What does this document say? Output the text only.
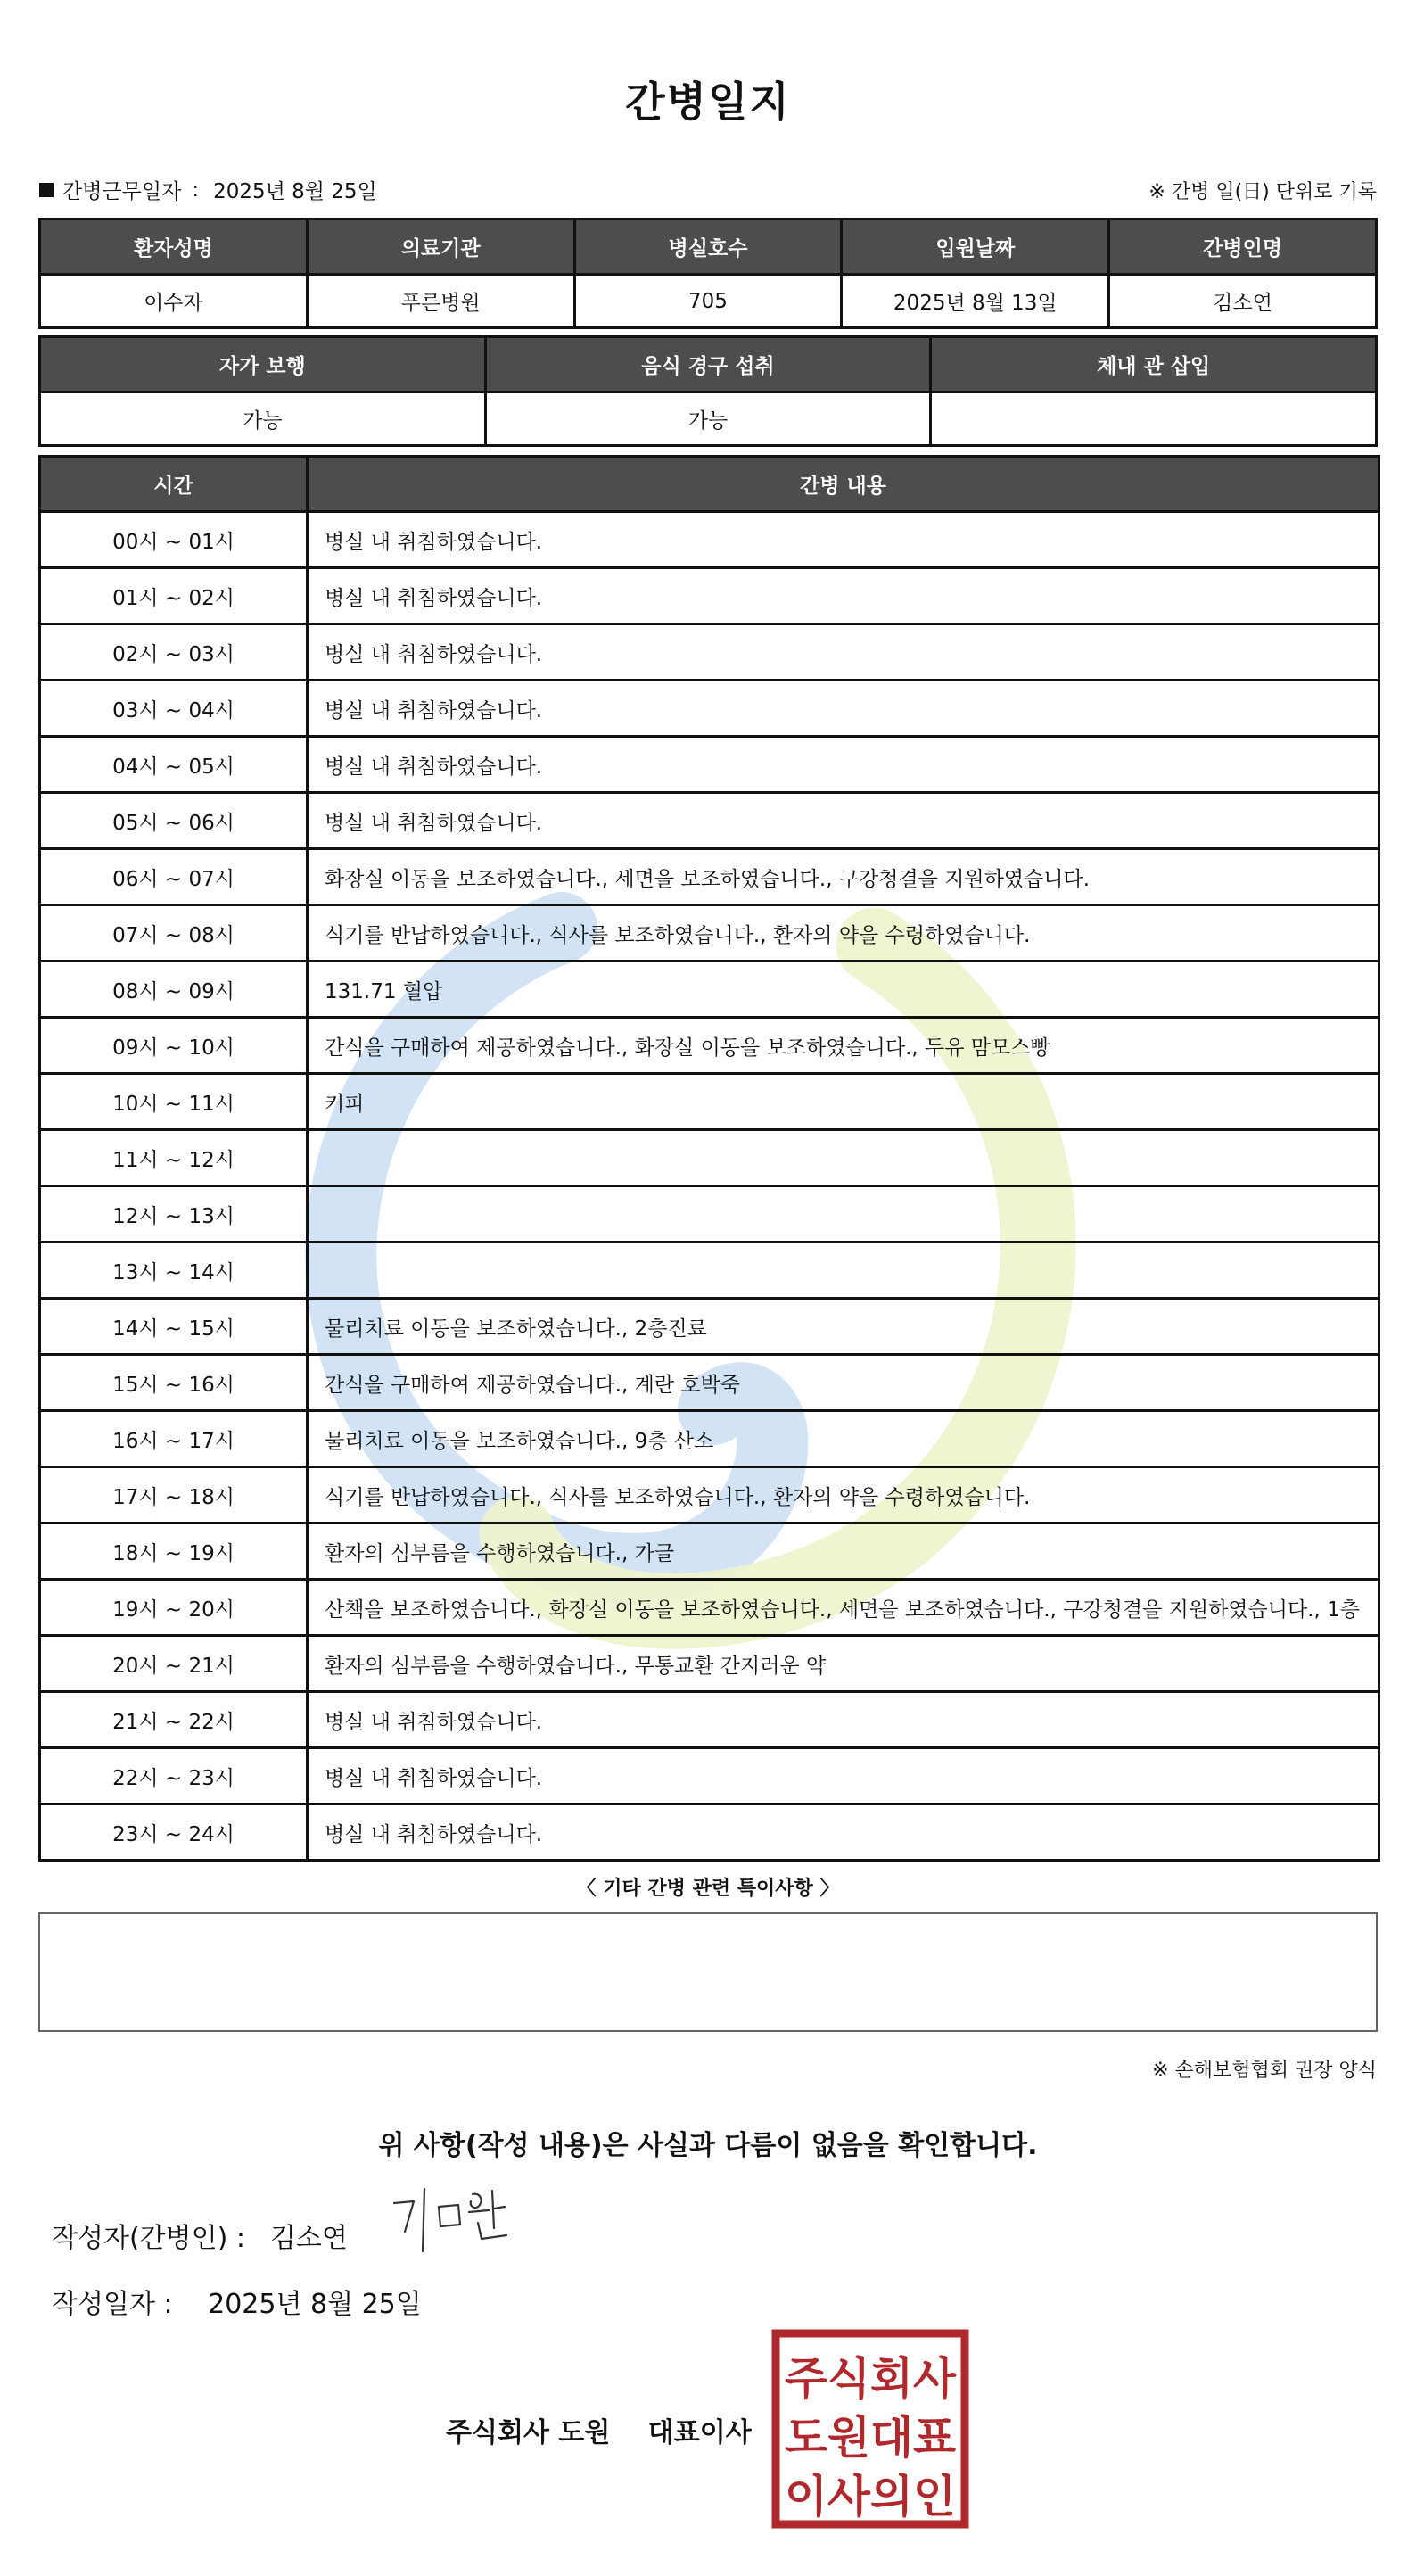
간병일지
간병근무일자 : 2025년 8월 25일	※ 간병 일(日) 단위로 기록
환자성명	의료기관	병실호수	입원날짜	간병인명
이수자	푸른병원	705	2025년 8월 13일	김소연
자가 보행	음식 경구 섭취	체내 관 삽입
가능	가능	
시간	간병 내용
00시 ~ 01시	병실 내 취침하였습니다.
01시 ~ 02시	병실 내 취침하였습니다.
02시 ~ 03시	병실 내 취침하였습니다.
03시 ~ 04시	병실 내 취침하였습니다.
04시 ~ 05시	병실 내 취침하였습니다.
05시 ~ 06시	병실 내 취침하였습니다.
06시 ~ 07시	화장실 이동을 보조하였습니다., 세면을 보조하였습니다., 구강청결을 지원하였습니다.
07시 ~ 08시	식기를 반납하였습니다., 식사를 보조하였습니다., 환자의 약을 수령하였습니다.
08시 ~ 09시	131.71 혈압
09시 ~ 10시	간식을 구매하여 제공하였습니다., 화장실 이동을 보조하였습니다., 두유 맘모스빵
10시 ~ 11시	커피
11시 ~ 12시	
12시 ~ 13시	
13시 ~ 14시	
14시 ~ 15시	물리치료 이동을 보조하였습니다., 2층진료
15시 ~ 16시	간식을 구매하여 제공하였습니다., 계란 호박죽
16시 ~ 17시	물리치료 이동을 보조하였습니다., 9층 산소
17시 ~ 18시	식기를 반납하였습니다., 식사를 보조하였습니다., 환자의 약을 수령하였습니다.
18시 ~ 19시	환자의 심부름을 수행하였습니다., 가글
19시 ~ 20시	산책을 보조하였습니다., 화장실 이동을 보조하였습니다., 세면을 보조하였습니다., 구강청결을 지원하였습니다., 1층
20시 ~ 21시	환자의 심부름을 수행하였습니다., 무통교환 간지러운 약
21시 ~ 22시	병실 내 취침하였습니다.
22시 ~ 23시	병실 내 취침하였습니다.
23시 ~ 24시	병실 내 취침하였습니다.
〈 기타 간병 관련 특이사항 〉
※ 손해보험협회 권장 양식
위 사항(작성 내용)은 사실과 다름이 없음을 확인합니다.
작성자(간병인) : 김소연
작성일자 : 2025년 8월 25일
주식회사 도원 대표이사
주식회사
도원대표
이사의인
